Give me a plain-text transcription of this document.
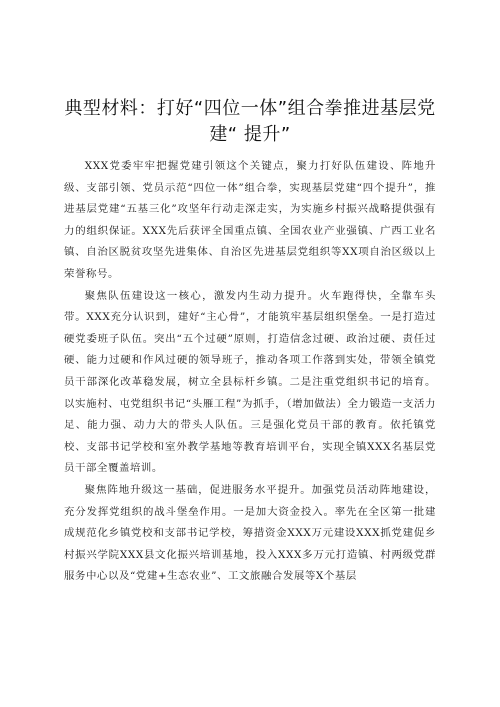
典型材料：打好“四位一体”组合拳推进基层党
建“ 提升”

XXX党委牢牢把握党建引领这个关键点，聚力打好队伍建设、阵地升级、支部引领、党员示范“四位一体”组合拳，实现基层党建“四个提升”，推进基层党建“五基三化”攻坚年行动走深走实，为实施乡村振兴战略提供强有力的组织保证。XXX先后获评全国重点镇、全国农业产业强镇、广西工业名镇、自治区脱贫攻坚先进集体、自治区先进基层党组织等XX项自治区级以上荣誉称号。

聚焦队伍建设这一核心，激发内生动力提升。火车跑得快，全靠车头带。XXX充分认识到，建好“主心骨”，才能筑牢基层组织堡垒。一是打造过硬党委班子队伍。突出“五个过硬”原则，打造信念过硬、政治过硬、责任过硬、能力过硬和作风过硬的领导班子，推动各项工作落到实处，带领全镇党员干部深化改革稳发展，树立全县标杆乡镇。二是注重党组织书记的培育。以实施村、屯党组织书记“头雁工程”为抓手，（增加做法）全力锻造一支活力足、能力强、动力大的带头人队伍。三是强化党员干部的教育。依托镇党校、支部书记学校和室外教学基地等教育培训平台，实现全镇XXX名基层党员干部全覆盖培训。

聚焦阵地升级这一基础，促进服务水平提升。加强党员活动阵地建设，充分发挥党组织的战斗堡垒作用。一是加大资金投入。率先在全区第一批建成规范化乡镇党校和支部书记学校，筹措资金XXX万元建设XXX抓党建促乡村振兴学院XXX县文化振兴培训基地，投入XXX多万元打造镇、村两级党群服务中心以及“党建+生态农业”、工文旅融合发展等X个基层
